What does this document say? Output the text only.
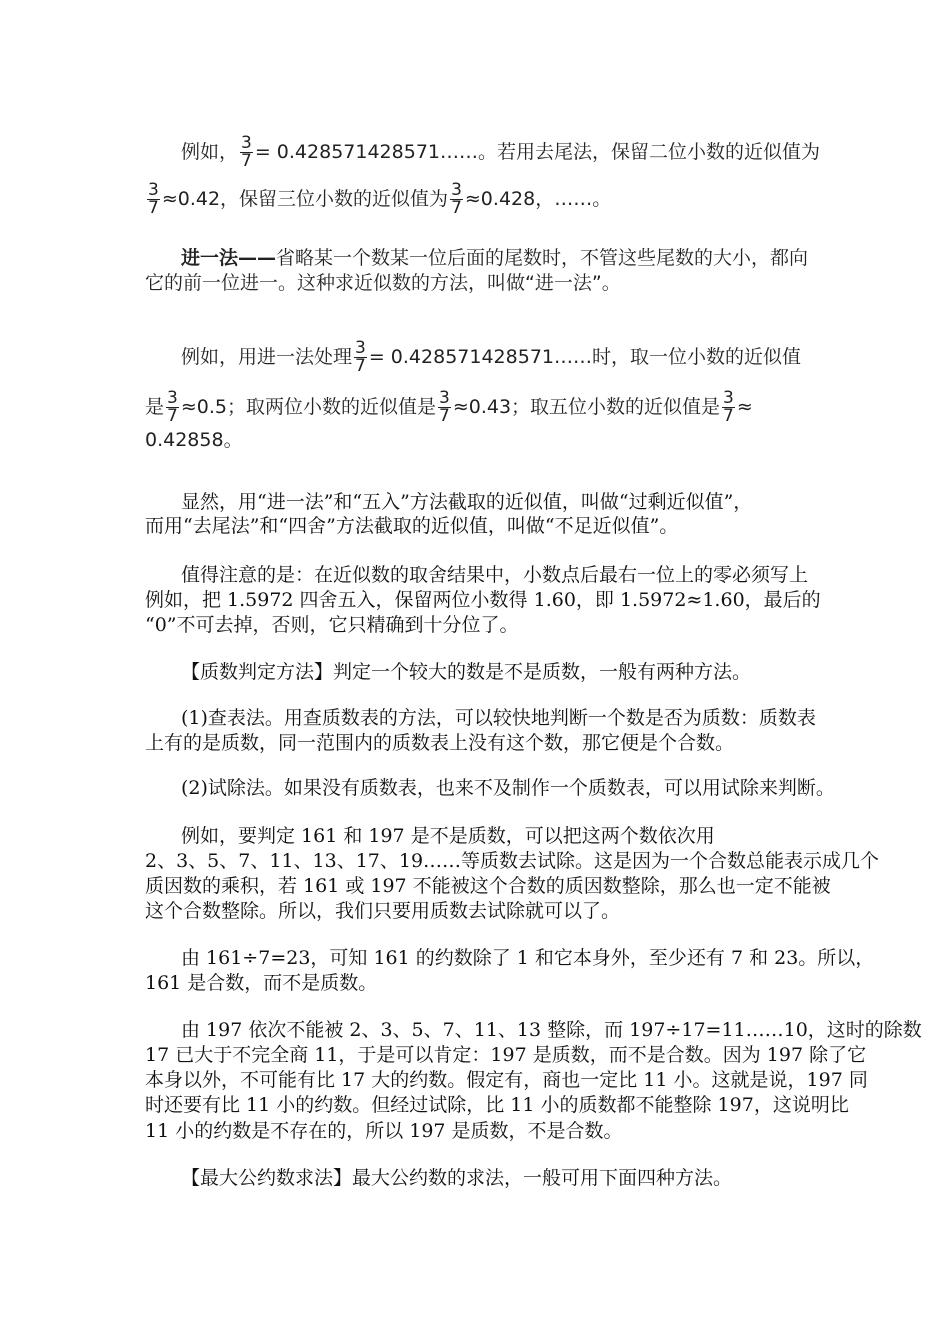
例如， $\frac{3}{7}$ = 0.428571428571……。若用去尾法，保留二位小数的近似值为
$\frac{3}{7} \approx 0.42$，保留三位小数的近似值为 $\frac{3}{7} \approx 0.428$，……。
进一法——省略某一个数某一位后面的尾数时，不管这些尾数的大小，都向
它的前一位进一。这种求近似数的方法，叫做“进一法”。
例如，用进一法处理 $\frac{3}{7}$ = 0.428571428571……时，取一位小数的近似值
是 $\frac{3}{7} \approx 0.5$；取两位小数的近似值是 $\frac{3}{7} \approx 0.43$；取五位小数的近似值是 $\frac{3}{7}$ ≈
0.42858。
显然，用“进一法”和“五入”方法截取的近似值，叫做“过剩近似值”，
而用“去尾法”和“四舍”方法截取的近似值，叫做“不足近似值”。
值得注意的是：在近似数的取舍结果中，小数点后最右一位上的零必须写上
例如，把 1.5972 四舍五入，保留两位小数得 1.60，即 1.5972≈1.60，最后的
“0”不可去掉，否则，它只精确到十分位了。
【质数判定方法】判定一个较大的数是不是质数，一般有两种方法。
(1)查表法。用查质数表的方法，可以较快地判断一个数是否为质数：质数表
上有的是质数，同一范围内的质数表上没有这个数，那它便是个合数。
(2)试除法。如果没有质数表，也来不及制作一个质数表，可以用试除来判断。
例如，要判定 161 和 197 是不是质数，可以把这两个数依次用
2、3、5、7、11、13、17、19……等质数去试除。这是因为一个合数总能表示成几个
质因数的乘积，若 161 或 197 不能被这个合数的质因数整除，那么也一定不能被
这个合数整除。所以，我们只要用质数去试除就可以了。
由 161÷7=23，可知 161 的约数除了 1 和它本身外，至少还有 7 和 23。所以，
161 是合数，而不是质数。
由 197 依次不能被 2、3、5、7、11、13 整除，而 197÷17=11……10，这时的除数
17 已大于不完全商 11，于是可以肯定：197 是质数，而不是合数。因为 197 除了它
本身以外，不可能有比 17 大的约数。假定有，商也一定比 11 小。这就是说，197 同
时还要有比 11 小的约数。但经过试除，比 11 小的质数都不能整除 197，这说明比
11 小的约数是不存在的，所以 197 是质数，不是合数。
【最大公约数求法】最大公约数的求法，一般可用下面四种方法。
